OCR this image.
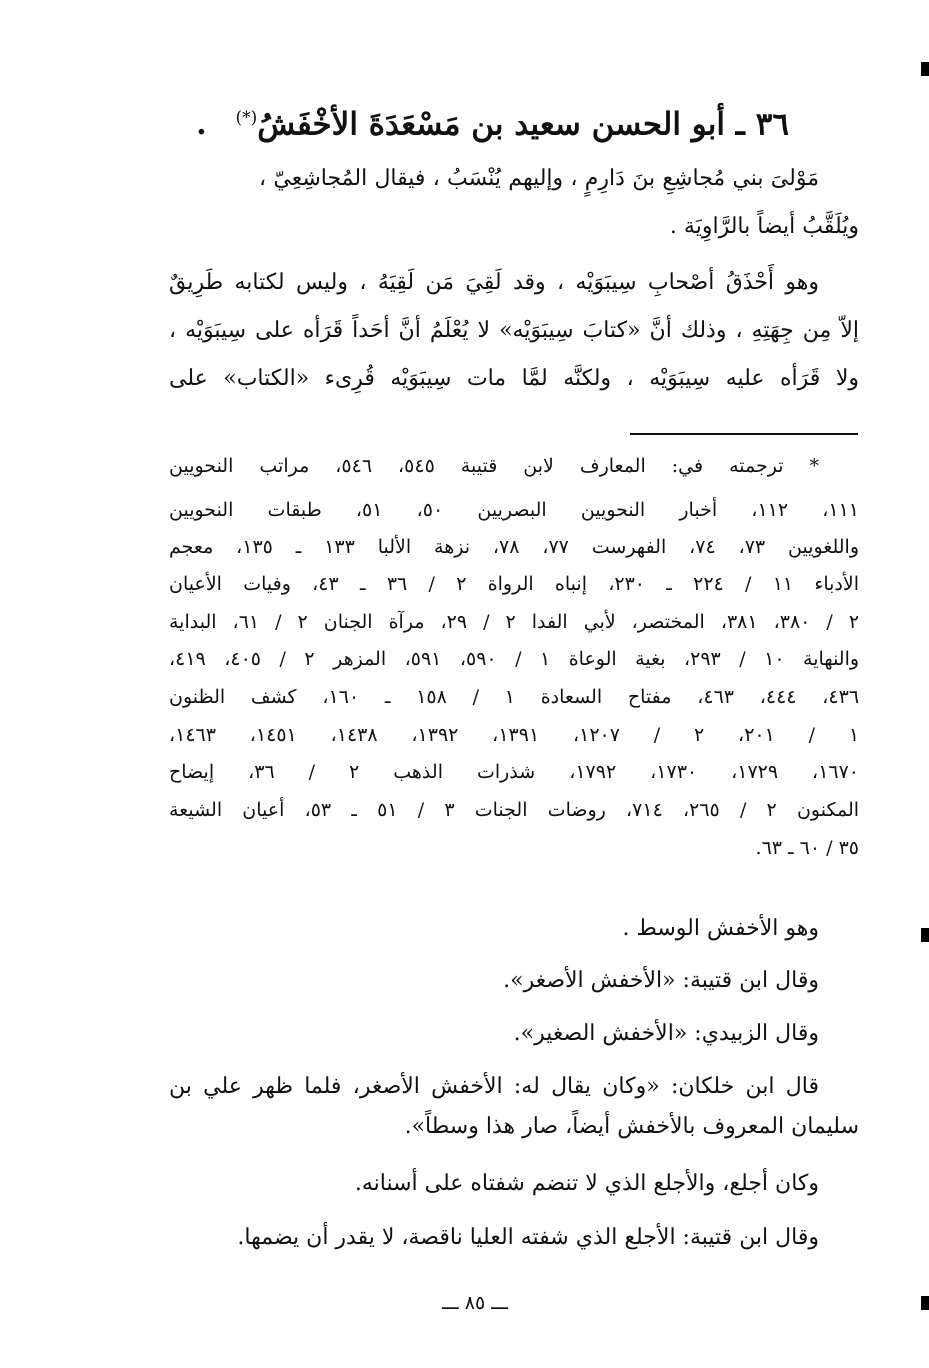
٣٦ ـ أبو الحسن سعيد بن مَسْعَدَةَ الأخْفَشُ(*) .
مَوْلىَ بني مُجاشِعِ بنَ دَارِمٍ ، وإليهم يُنْسَبُ ، فيقال المُجاشِعِيّ ،
ويُلَقَّبُ أيضاً بالرَّاوِيَة .
وهو أَحْذَقُ أصْحابِ سِيبَوَيْه ، وقد لَقِيَ مَن لَقِيَهُ ، وليس لكتابه طَرِيقٌ
إلاّ مِن جِهَتِهِ ، وذلك أنَّ «كتابَ سِيبَوَيْه» لا يُعْلَمُ أنَّ أحَداً قَرَأه على سِيبَوَيْه ،
ولا قَرَأه عليه سِيبَوَيْه ، ولكنَّه لمَّا مات سِيبَوَيْه قُرِىء «الكتاب» على
* ترجمته في: المعارف لابن قتيبة ٥٤٥، ٥٤٦، مراتب النحويين
١١١، ١١٢، أخبار النحويين البصريين ٥٠، ٥١، طبقات النحويين
واللغويين ٧٣، ٧٤، الفهرست ٧٧، ٧٨، نزهة الألبا ١٣٣ ـ ١٣٥، معجم
الأدباء ١١ / ٢٢٤ ـ ٢٣٠، إنباه الرواة ٢ / ٣٦ ـ ٤٣، وفيات الأعيان
٢ / ٣٨٠، ٣٨١، المختصر، لأبي الفدا ٢ / ٢٩، مرآة الجنان ٢ / ٦١، البداية
والنهاية ١٠ / ٢٩٣، بغية الوعاة ١ / ٥٩٠، ٥٩١، المزهر ٢ / ٤٠٥، ٤١٩،
٤٣٦، ٤٤٤، ٤٦٣، مفتاح السعادة ١ / ١٥٨ ـ ١٦٠، كشف الظنون
١ / ٢٠١، ٢ / ١٢٠٧، ١٣٩١، ١٣٩٢، ١٤٣٨، ١٤٥١، ١٤٦٣،
١٦٧٠، ١٧٢٩، ١٧٣٠، ١٧٩٢، شذرات الذهب ٢ / ٣٦، إيضاح
المكنون ٢ / ٢٦٥، ٧١٤، روضات الجنات ٣ / ٥١ ـ ٥٣، أعيان الشيعة
٣٥ / ٦٠ ـ ٦٣.
وهو الأخفش الوسط .
وقال ابن قتيبة: «الأخفش الأصغر».
وقال الزبيدي: «الأخفش الصغير».
قال ابن خلكان: «وكان يقال له: الأخفش الأصغر، فلما ظهر علي بن
سليمان المعروف بالأخفش أيضاً، صار هذا وسطاً».
وكان أجلع، والأجلع الذي لا تنضم شفتاه على أسنانه.
وقال ابن قتيبة: الأجلع الذي شفته العليا ناقصة، لا يقدر أن يضمها.
ـــ ٨٥ ـــ
